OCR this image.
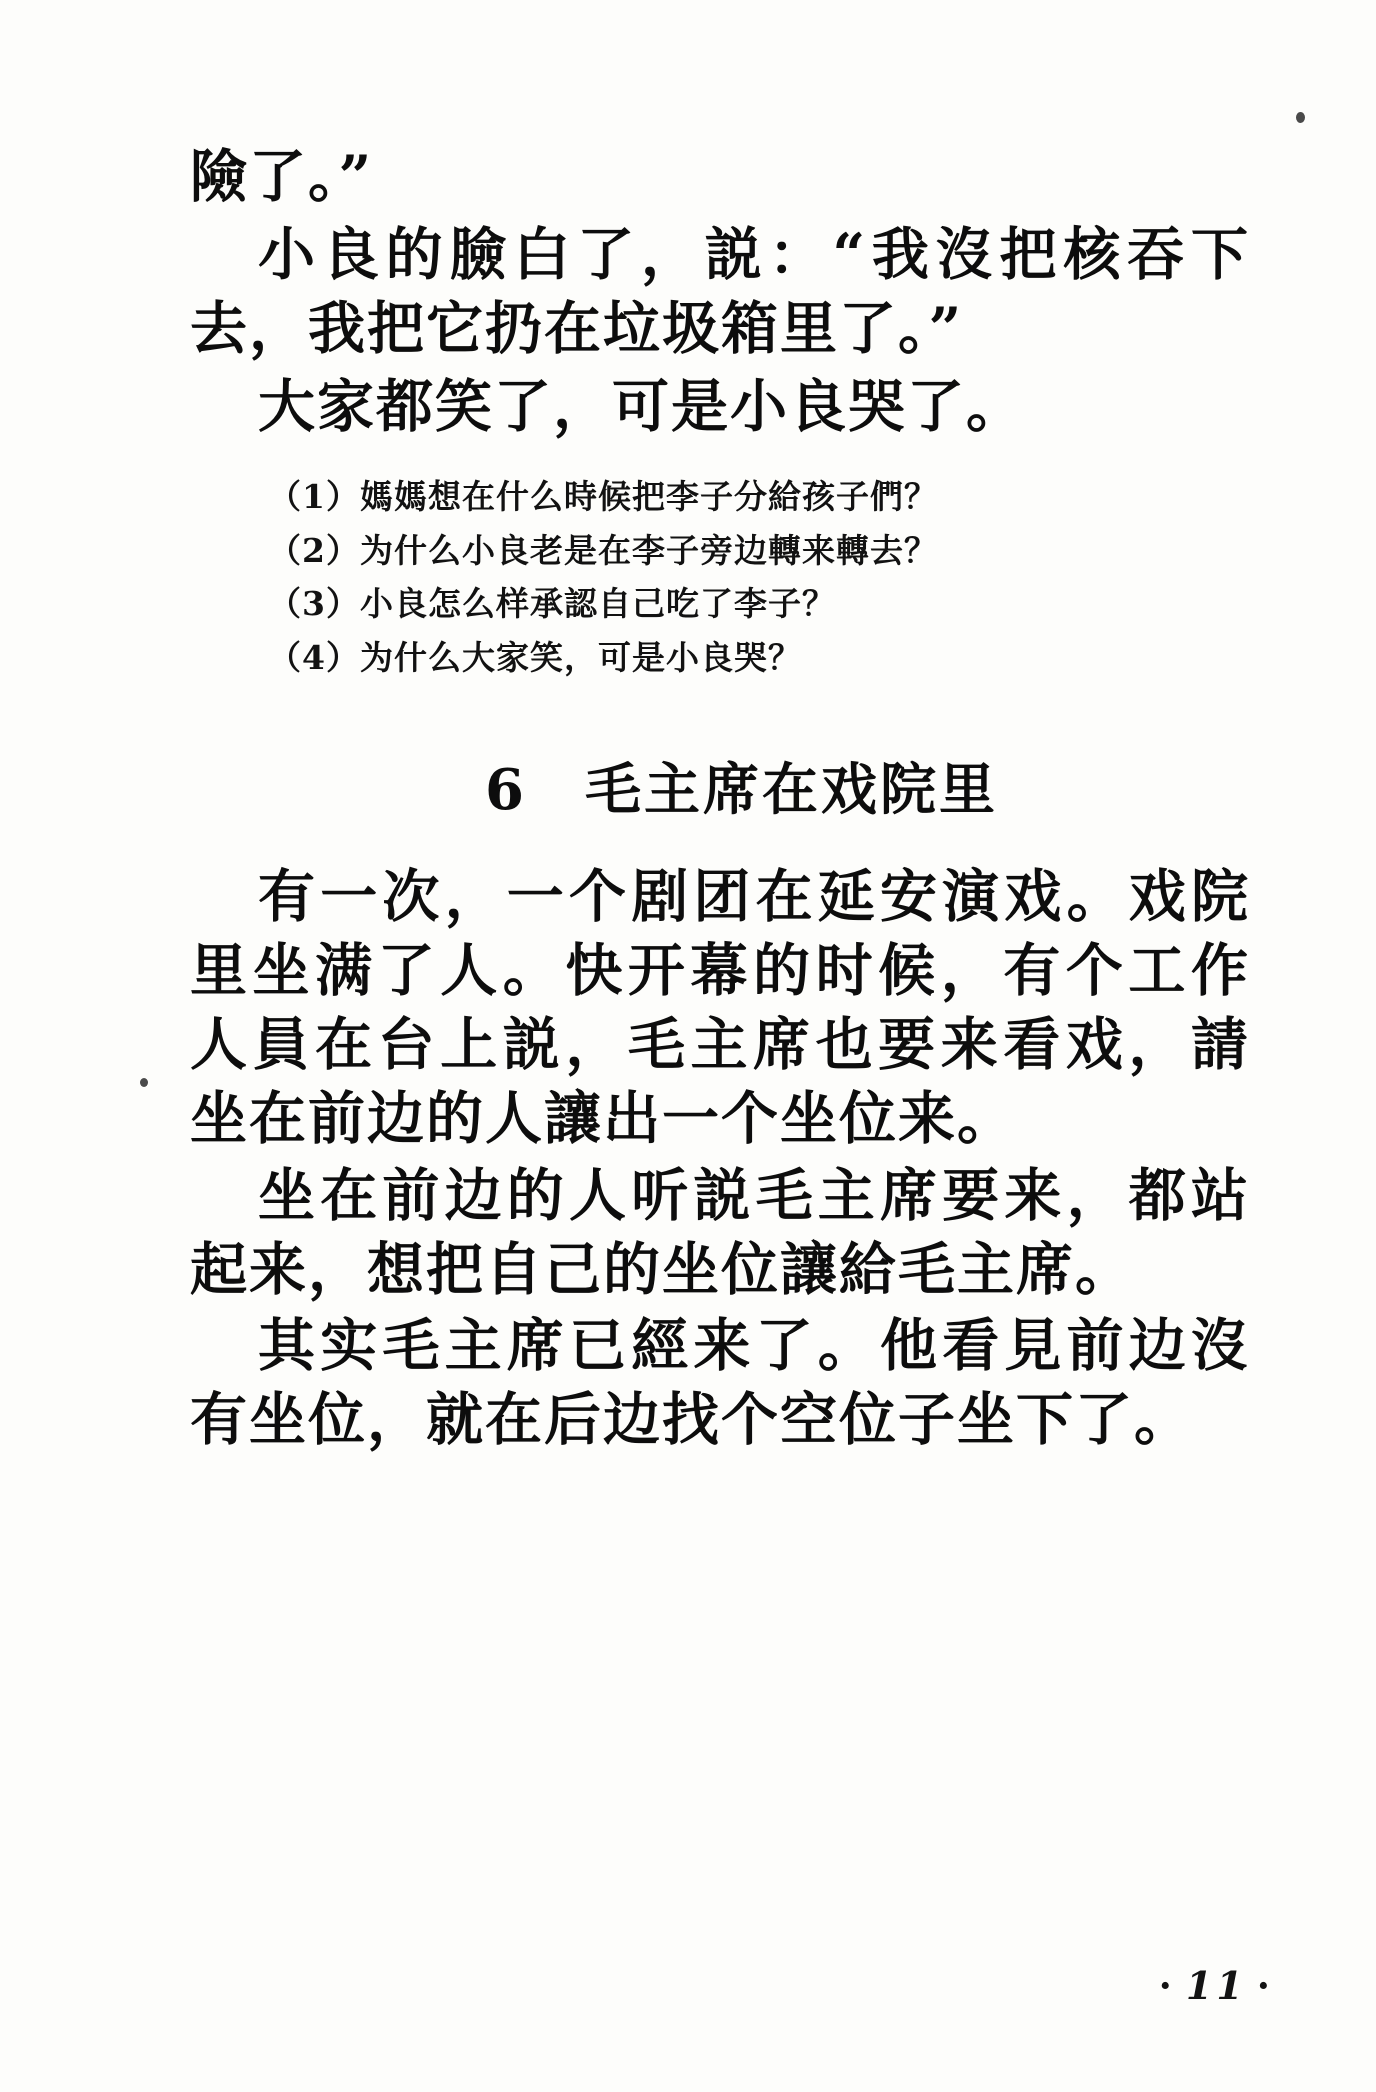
險了。”

小良的臉白了，説：“我沒把核吞下去，我把它扔在垃圾箱里了。”

大家都笑了，可是小良哭了。

（1）媽媽想在什么時候把李子分給孩子們？
（2）为什么小良老是在李子旁边轉来轉去？
（3）小良怎么样承認自己吃了李子？
（4）为什么大家笑，可是小良哭？
6 毛主席在戏院里

有一次，一个剧团在延安演戏。戏院里坐满了人。快开幕的时候，有个工作人員在台上説，毛主席也要来看戏，請坐在前边的人讓出一个坐位来。

坐在前边的人听説毛主席要来，都站起来，想把自己的坐位讓給毛主席。

其实毛主席已經来了。他看見前边沒有坐位，就在后边找个空位子坐下了。

· 11 ·
